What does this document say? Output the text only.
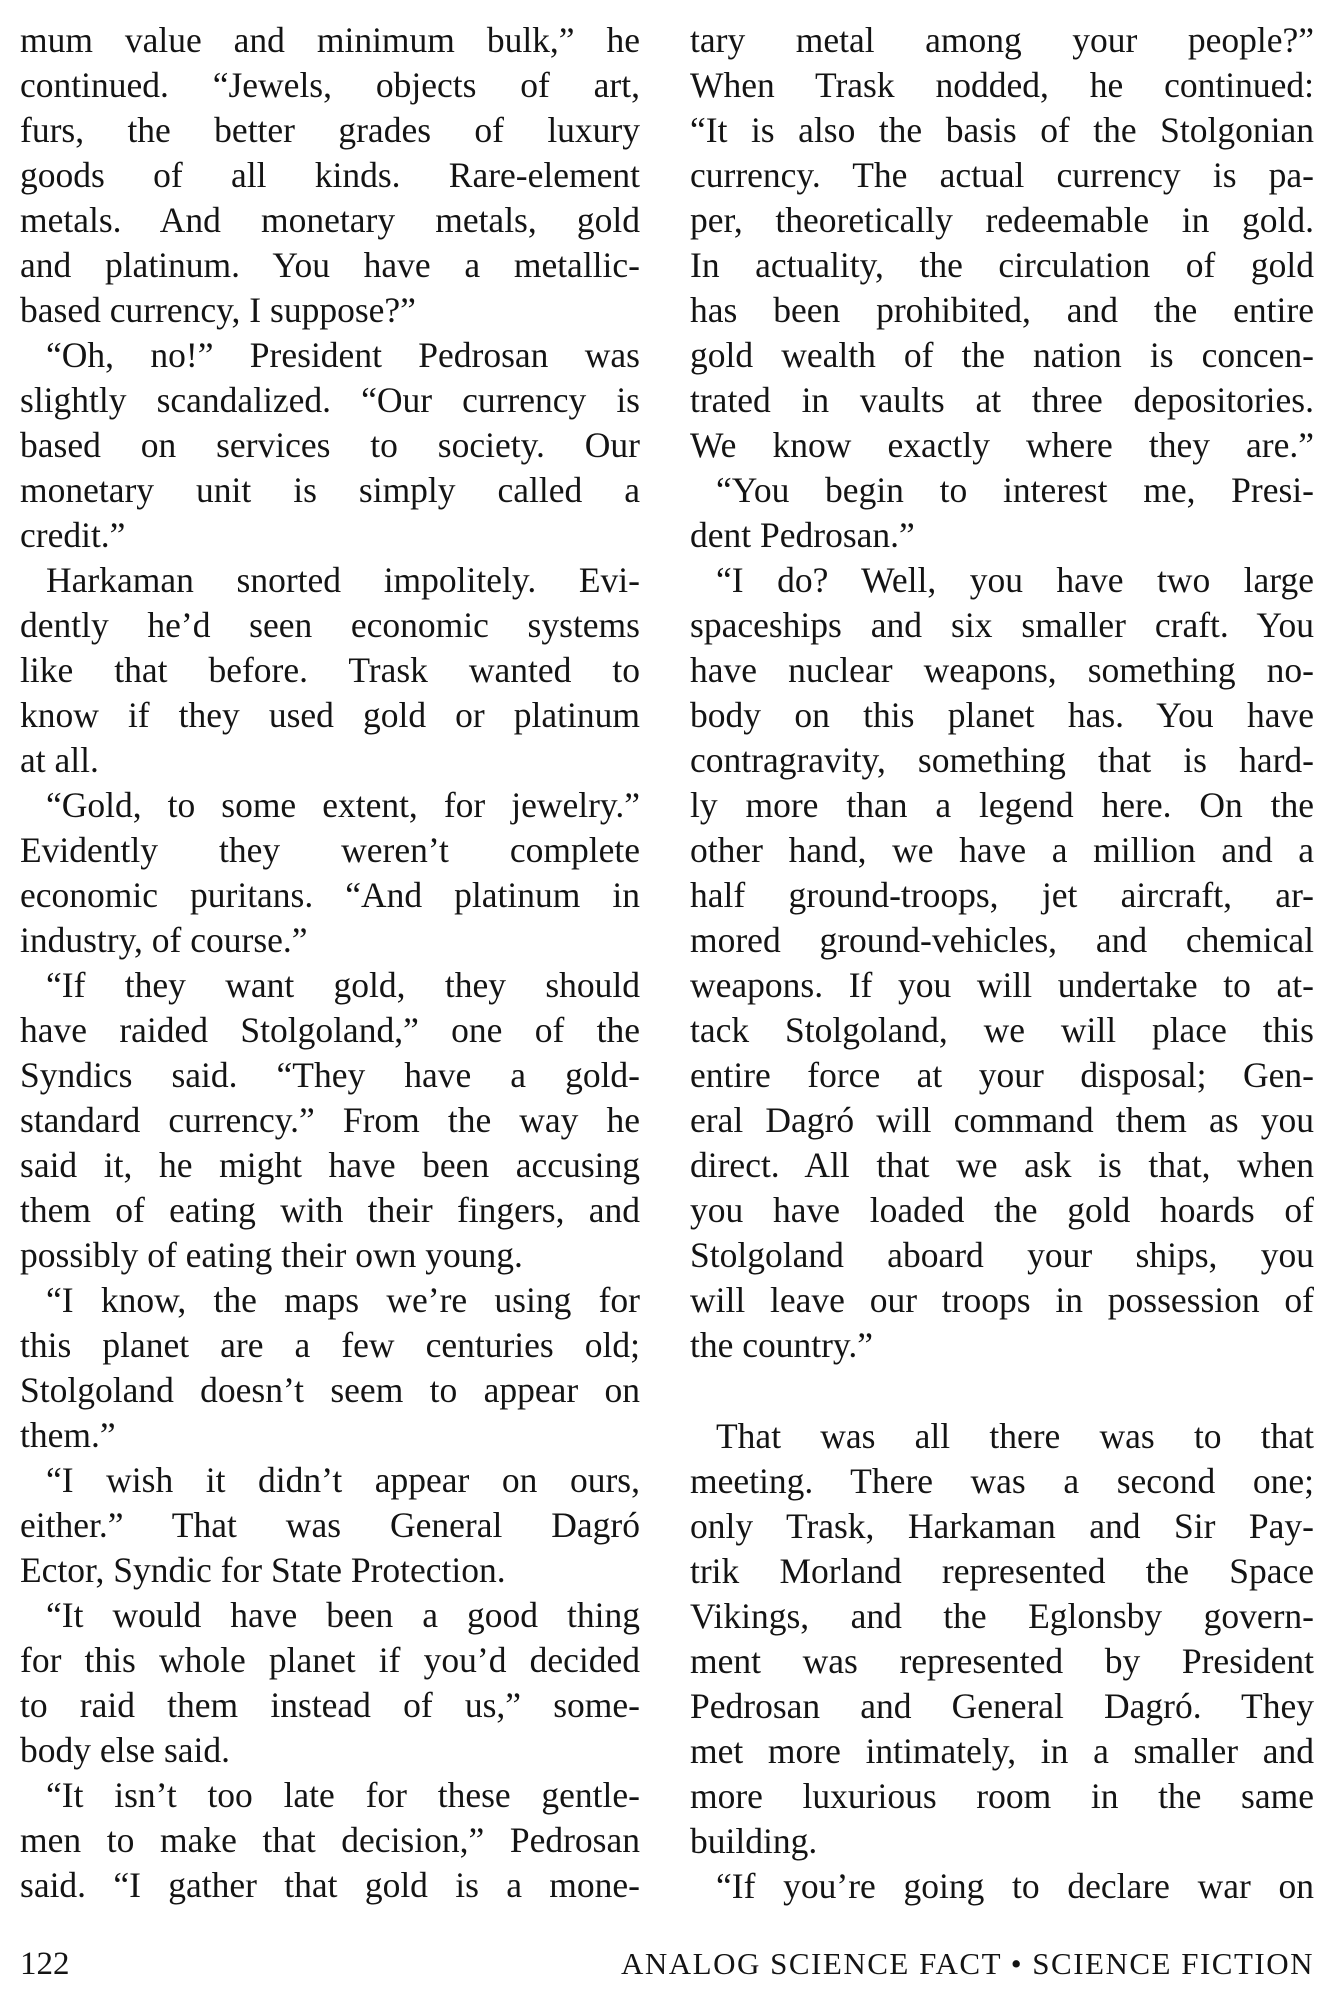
mum value and minimum bulk,” he
continued. “Jewels, objects of art,
furs, the better grades of luxury
goods of all kinds. Rare-element
metals. And monetary metals, gold
and platinum. You have a metallic-
based currency, I suppose?”
“Oh, no!” President Pedrosan was
slightly scandalized. “Our currency is
based on services to society. Our
monetary unit is simply called a
credit.”
Harkaman snorted impolitely. Evi-
dently he’d seen economic systems
like that before. Trask wanted to
know if they used gold or platinum
at all.
“Gold, to some extent, for jewelry.”
Evidently they weren’t complete
economic puritans. “And platinum in
industry, of course.”
“If they want gold, they should
have raided Stolgoland,” one of the
Syndics said. “They have a gold-
standard currency.” From the way he
said it, he might have been accusing
them of eating with their fingers, and
possibly of eating their own young.
“I know, the maps we’re using for
this planet are a few centuries old;
Stolgoland doesn’t seem to appear on
them.”
“I wish it didn’t appear on ours,
either.” That was General Dagró
Ector, Syndic for State Protection.
“It would have been a good thing
for this whole planet if you’d decided
to raid them instead of us,” some-
body else said.
“It isn’t too late for these gentle-
men to make that decision,” Pedrosan
said. “I gather that gold is a mone-
tary metal among your people?”
When Trask nodded, he continued:
“It is also the basis of the Stolgonian
currency. The actual currency is pa-
per, theoretically redeemable in gold.
In actuality, the circulation of gold
has been prohibited, and the entire
gold wealth of the nation is concen-
trated in vaults at three depositories.
We know exactly where they are.”
“You begin to interest me, Presi-
dent Pedrosan.”
“I do? Well, you have two large
spaceships and six smaller craft. You
have nuclear weapons, something no-
body on this planet has. You have
contragravity, something that is hard-
ly more than a legend here. On the
other hand, we have a million and a
half ground-troops, jet aircraft, ar-
mored ground-vehicles, and chemical
weapons. If you will undertake to at-
tack Stolgoland, we will place this
entire force at your disposal; Gen-
eral Dagró will command them as you
direct. All that we ask is that, when
you have loaded the gold hoards of
Stolgoland aboard your ships, you
will leave our troops in possession of
the country.”
That was all there was to that
meeting. There was a second one;
only Trask, Harkaman and Sir Pay-
trik Morland represented the Space
Vikings, and the Eglonsby govern-
ment was represented by President
Pedrosan and General Dagró. They
met more intimately, in a smaller and
more luxurious room in the same
building.
“If you’re going to declare war on
122	ANALOG SCIENCE FACT • SCIENCE FICTION
